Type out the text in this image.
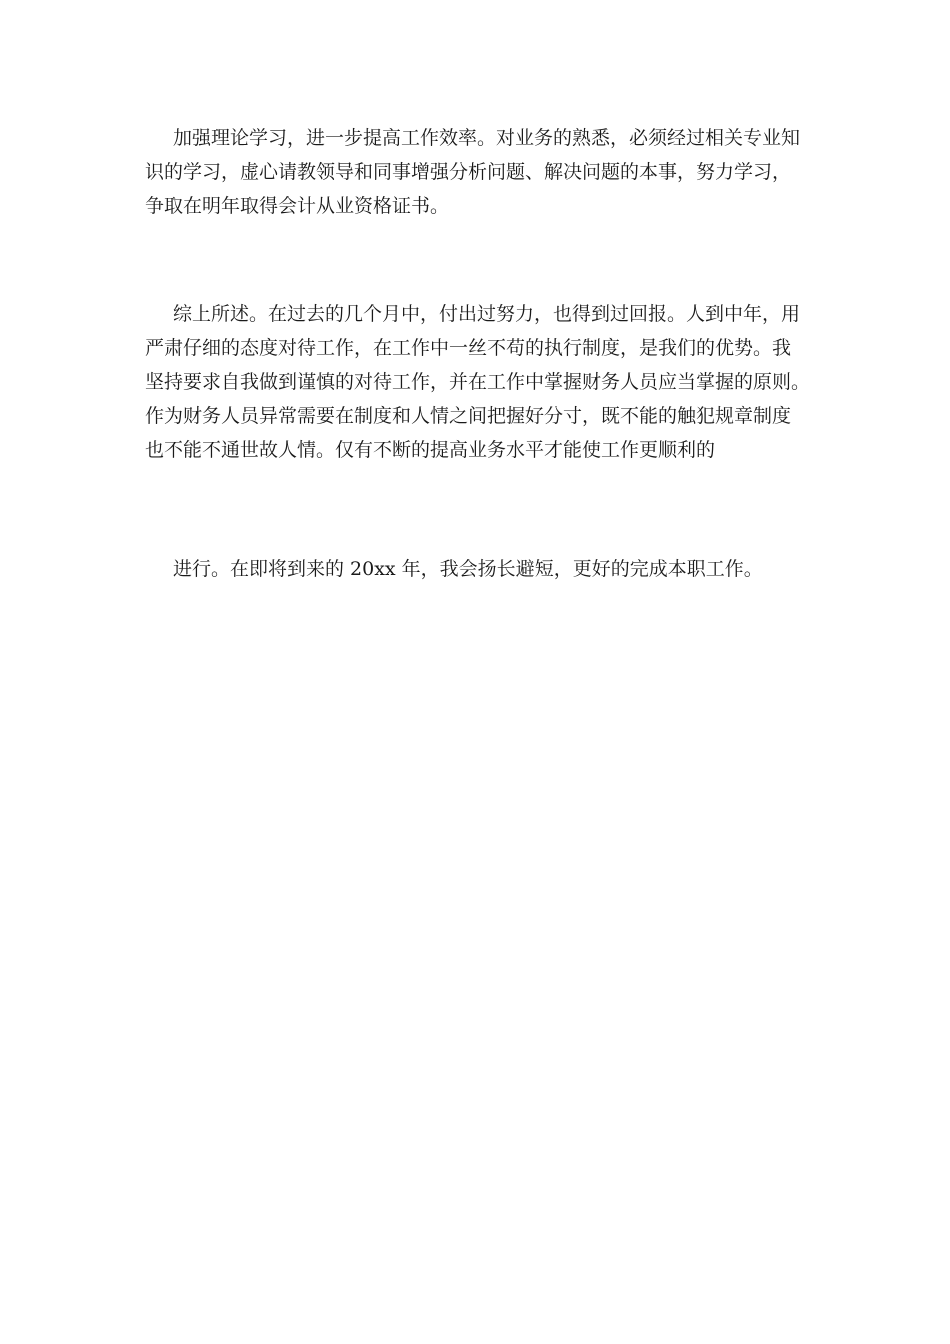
加强理论学习，进一步提高工作效率。对业务的熟悉，必须经过相关专业知
识的学习，虚心请教领导和同事增强分析问题、解决问题的本事，努力学习，
争取在明年取得会计从业资格证书。
综上所述。在过去的几个月中，付出过努力，也得到过回报。人到中年，用
严肃仔细的态度对待工作，在工作中一丝不苟的执行制度，是我们的优势。我
坚持要求自我做到谨慎的对待工作，并在工作中掌握财务人员应当掌握的原则。
作为财务人员异常需要在制度和人情之间把握好分寸，既不能的触犯规章制度
也不能不通世故人情。仅有不断的提高业务水平才能使工作更顺利的
进行。在即将到来的 20xx 年，我会扬长避短，更好的完成本职工作。
